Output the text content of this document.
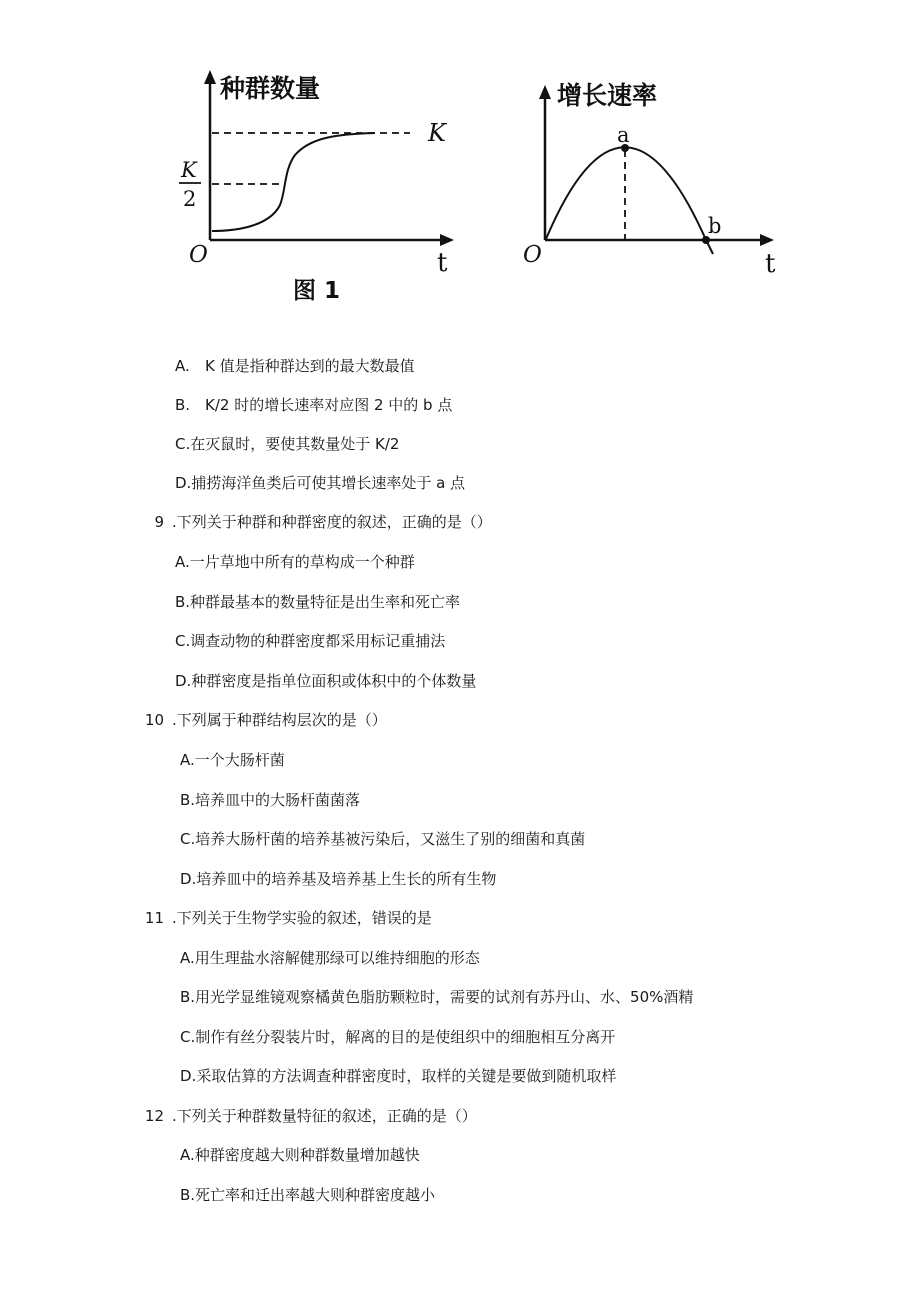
种群数量
K
K
2
O	t
图 1
增长速率
a
b
O	t
A. K 值是指种群达到的最大数最值
B. K/2 时的增长速率对应图 2 中的 b 点
C.在灭鼠时，要使其数量处于 K/2
D.捕捞海洋鱼类后可使其增长速率处于 a 点
9 .下列关于种群和种群密度的叙述，正确的是（）
A.一片草地中所有的草构成一个种群
B.种群最基本的数量特征是出生率和死亡率
C.调查动物的种群密度都采用标记重捕法
D.种群密度是指单位面积或体积中的个体数量
10 .下列属于种群结构层次的是（）
A.一个大肠杆菌
B.培养皿中的大肠杆菌菌落
C.培养大肠杆菌的培养基被污染后，又滋生了别的细菌和真菌
D.培养皿中的培养基及培养基上生长的所有生物
11 .下列关于生物学实验的叙述，错误的是
A.用生理盐水溶解健那绿可以维持细胞的形态
B.用光学显维镜观察橘黄色脂肪颗粒时，需要的试剂有苏丹山、水、50%酒精
C.制作有丝分裂装片时，解离的目的是使组织中的细胞相互分离开
D.采取估算的方法调查种群密度时，取样的关键是要做到随机取样
12 .下列关于种群数量特征的叙述，正确的是（）
A.种群密度越大则种群数量增加越快
B.死亡率和迁出率越大则种群密度越小
